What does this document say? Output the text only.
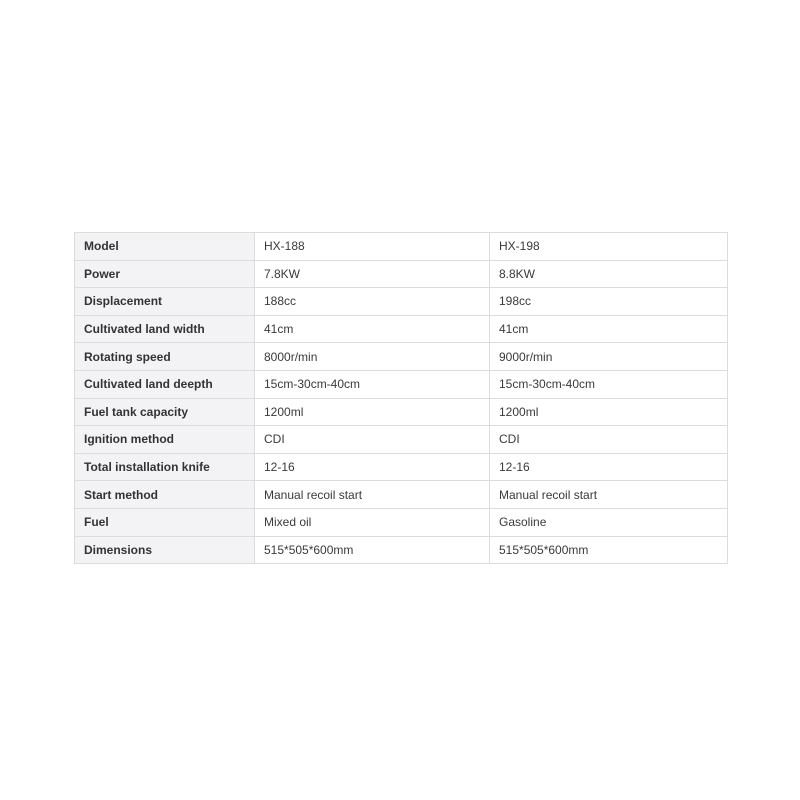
Model	HX-188	HX-198
Power	7.8KW	8.8KW
Displacement	188cc	198cc
Cultivated land width	41cm	41cm
Rotating speed	8000r/min	9000r/min
Cultivated land deepth	15cm-30cm-40cm	15cm-30cm-40cm
Fuel tank capacity	1200ml	1200ml
Ignition method	CDI	CDI
Total installation knife	12-16	12-16
Start method	Manual recoil start	Manual recoil start
Fuel	Mixed oil	Gasoline
Dimensions	515*505*600mm	515*505*600mm
